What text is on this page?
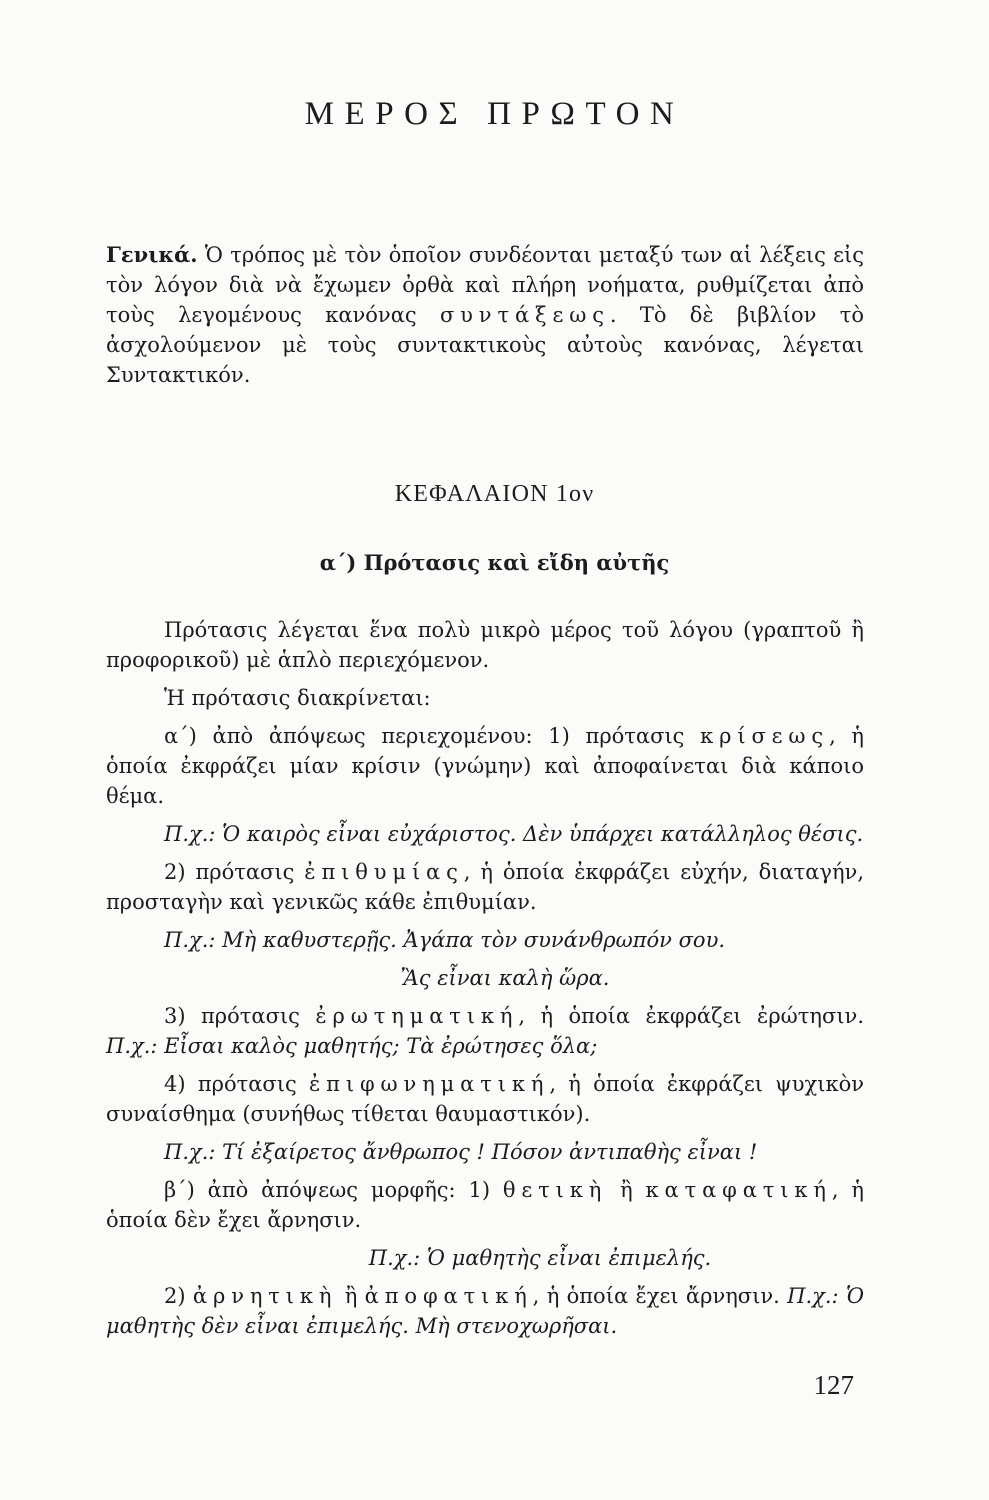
ΜΕΡΟΣ ΠΡΩΤΟΝ

Γενικά. Ὁ τρόπος μὲ τὸν ὁποῖον συνδέονται μεταξύ των αἱ λέξεις εἰς τὸν λόγον διὰ νὰ ἔχωμεν ὀρθὰ καὶ πλήρη νοήματα, ρυθμίζεται ἀπὸ τοὺς λεγομένους κανόνας συντάξεως. Τὸ δὲ βιβλίον τὸ ἀσχολούμενον μὲ τοὺς συντακτικοὺς αὐτοὺς κανόνας, λέγεται Συντακτικόν.

ΚΕΦΑΛΑΙΟΝ 1ον
α΄) Πρότασις καὶ εἴδη αὐτῆς

Πρότασις λέγεται ἕνα πολὺ μικρὸ μέρος τοῦ λόγου (γραπτοῦ ἢ προφορικοῦ) μὲ ἁπλὸ περιεχόμενον.

Ἡ πρότασις διακρίνεται:

α΄) ἀπὸ ἀπόψεως περιεχομένου: 1) πρότασις κρίσεως, ἡ ὁποία ἐκφράζει μίαν κρίσιν (γνώμην) καὶ ἀποφαίνεται διὰ κάποιο θέμα.

Π.χ.: Ὁ καιρὸς εἶναι εὐχάριστος. Δὲν ὑπάρχει κατάλληλος θέσις.

2) πρότασις ἐπιθυμίας, ἡ ὁποία ἐκφράζει εὐχήν, διαταγήν, προσταγὴν καὶ γενικῶς κάθε ἐπιθυμίαν.

Π.χ.: Μὴ καθυστερῇς. Ἀγάπα τὸν συνάνθρωπόν σου.

Ἂς εἶναι καλὴ ὥρα.

3) πρότασις ἐρωτηματική, ἡ ὁποία ἐκφράζει ἐρώτησιν. Π.χ.: Εἶσαι καλὸς μαθητής; Τὰ ἐρώτησες ὅλα;

4) πρότασις ἐπιφωνηματική, ἡ ὁποία ἐκφράζει ψυχικὸν συναίσθημα (συνήθως τίθεται θαυμαστικόν).

Π.χ.: Τί ἐξαίρετος ἄνθρωπος ! Πόσον ἀντιπαθὴς εἶναι !

β΄) ἀπὸ ἀπόψεως μορφῆς: 1) θετικὴ ἢ καταφατική, ἡ ὁποία δὲν ἔχει ἄρνησιν.

Π.χ.: Ὁ μαθητὴς εἶναι ἐπιμελής.

2) ἀρνητικὴ ἢ ἀποφατική, ἡ ὁποία ἔχει ἄρνησιν. Π.χ.: Ὁ μαθητὴς δὲν εἶναι ἐπιμελής. Μὴ στενοχωρῆσαι.

127
